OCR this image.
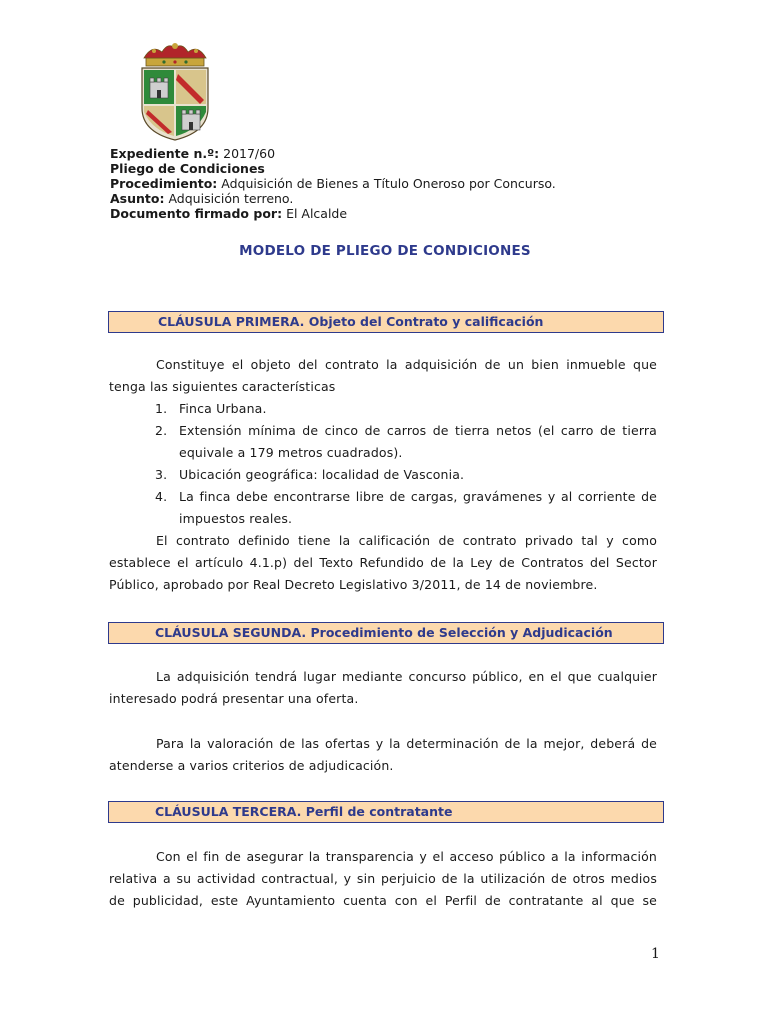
Expediente n.º: 2017/60
Pliego de Condiciones
Procedimiento: Adquisición de Bienes a Título Oneroso por Concurso.
Asunto: Adquisición terreno.
Documento firmado por: El Alcalde
MODELO DE PLIEGO DE CONDICIONES
CLÁUSULA PRIMERA. Objeto del Contrato y calificación
Constituye el objeto del contrato la adquisición de un bien inmueble que
tenga las siguientes características
1. Finca Urbana.
2. Extensión mínima de cinco de carros de tierra netos (el carro de tierra
equivale a 179 metros cuadrados).
3. Ubicación geográfica: localidad de Vasconia.
4. La finca debe encontrarse libre de cargas, gravámenes y al corriente de
impuestos reales.
El contrato definido tiene la calificación de contrato privado tal y como
establece el artículo 4.1.p) del Texto Refundido de la Ley de Contratos del Sector
Público, aprobado por Real Decreto Legislativo 3/2011, de 14 de noviembre.
CLÁUSULA SEGUNDA. Procedimiento de Selección y Adjudicación
La adquisición tendrá lugar mediante concurso público, en el que cualquier
interesado podrá presentar una oferta.
Para la valoración de las ofertas y la determinación de la mejor, deberá de
atenderse a varios criterios de adjudicación.
CLÁUSULA TERCERA. Perfil de contratante
Con el fin de asegurar la transparencia y el acceso público a la información
relativa a su actividad contractual, y sin perjuicio de la utilización de otros medios
de publicidad, este Ayuntamiento cuenta con el Perfil de contratante al que se
1
